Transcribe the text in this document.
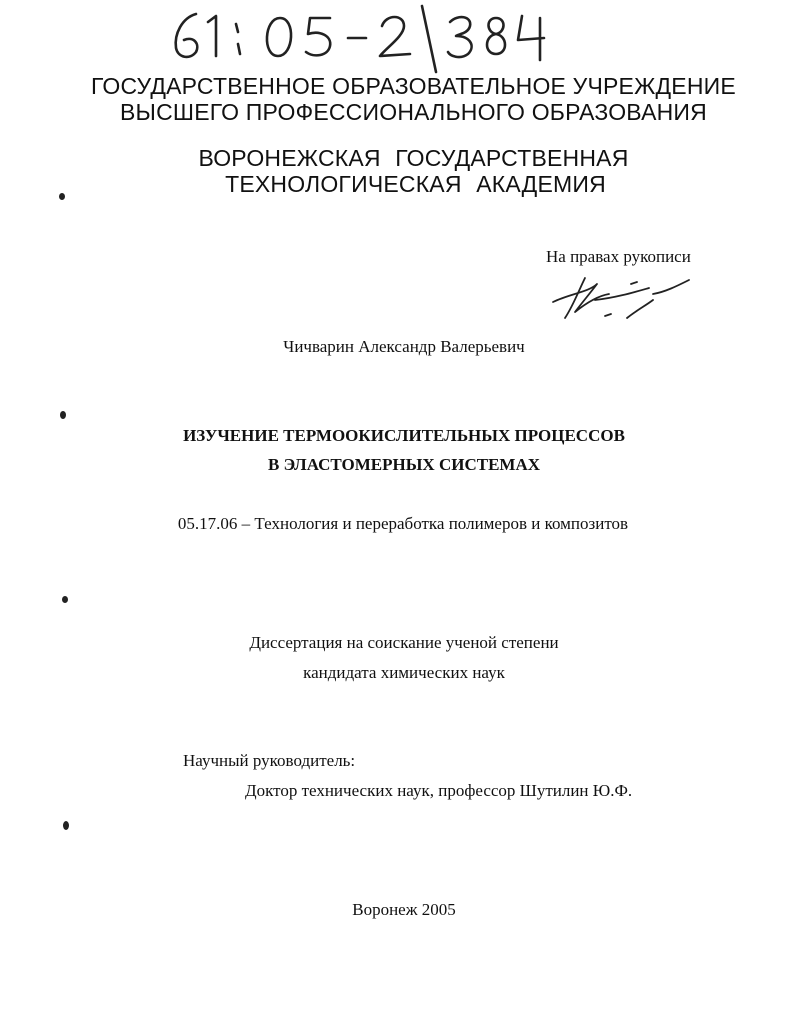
ГОСУДАРСТВЕННОЕ ОБРАЗОВАТЕЛЬНОЕ УЧРЕЖДЕНИЕ
ВЫСШЕГО ПРОФЕССИОНАЛЬНОГО ОБРАЗОВАНИЯ
ВОРОНЕЖСКАЯ ГОСУДАРСТВЕННАЯ
ТЕХНОЛОГИЧЕСКАЯ АКАДЕМИЯ
На правах рукописи
Чичварин Александр Валерьевич
ИЗУЧЕНИЕ ТЕРМООКИСЛИТЕЛЬНЫХ ПРОЦЕССОВ
В ЭЛАСТОМЕРНЫХ СИСТЕМАХ
05.17.06 – Технология и переработка полимеров и композитов
Диссертация на соискание ученой степени
кандидата химических наук
Научный руководитель:
Доктор технических наук, профессор Шутилин Ю.Ф.
Воронеж 2005
